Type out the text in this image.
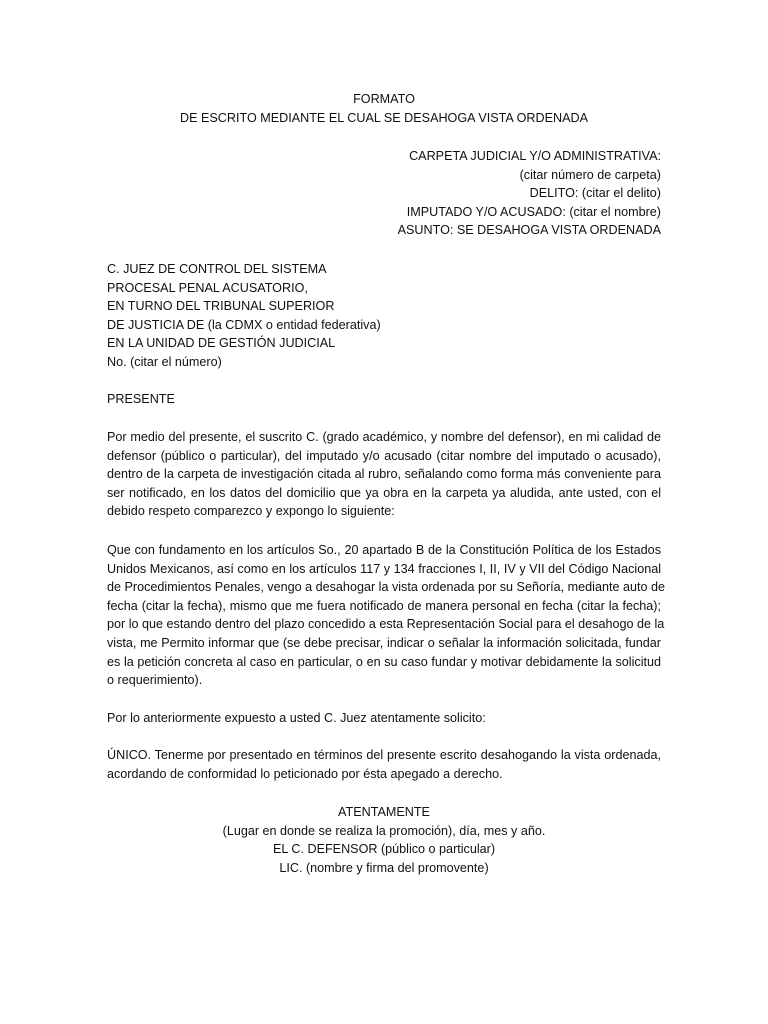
FORMATO
DE ESCRITO MEDIANTE EL CUAL SE DESAHOGA VISTA ORDENADA
CARPETA JUDICIAL Y/O ADMINISTRATIVA:
(citar número de carpeta)
DELITO: (citar el delito)
IMPUTADO Y/O ACUSADO: (citar el nombre)
ASUNTO: SE DESAHOGA VISTA ORDENADA
C. JUEZ DE CONTROL DEL SISTEMA
PROCESAL PENAL ACUSATORIO,
EN TURNO DEL TRIBUNAL SUPERIOR
DE JUSTICIA DE (la CDMX o entidad federativa)
EN LA UNIDAD DE GESTIÓN JUDICIAL
No. (citar el número)
PRESENTE
Por medio del presente, el suscrito C. (grado académico, y nombre del defensor), en mi calidad de
defensor (público o particular), del imputado y/o acusado (citar nombre del imputado o acusado),
dentro de la carpeta de investigación citada al rubro, señalando como forma más conveniente para
ser notificado, en los datos del domicilio que ya obra en la carpeta ya aludida, ante usted, con el
debido respeto comparezco y expongo lo siguiente:
Que con fundamento en los artículos So., 20 apartado B de la Constitución Política de los Estados
Unidos Mexicanos, así como en los artículos 117 y 134 fracciones I, II, IV y VII del Código Nacional
de Procedimientos Penales, vengo a desahogar la vista ordenada por su Señoría, mediante auto de
fecha (citar la fecha), mismo que me fuera notificado de manera personal en fecha (citar la fecha);
por lo que estando dentro del plazo concedido a esta Representación Social para el desahogo de la
vista, me Permito informar que (se debe precisar, indicar o señalar la información solicitada, fundar
es la petición concreta al caso en particular, o en su caso fundar y motivar debidamente la solicitud
o requerimiento).
Por lo anteriormente expuesto a usted C. Juez atentamente solicito:
ÚNICO. Tenerme por presentado en términos del presente escrito desahogando la vista ordenada,
acordando de conformidad lo peticionado por ésta apegado a derecho.
ATENTAMENTE
(Lugar en donde se realiza la promoción), día, mes y año.
EL C. DEFENSOR (público o particular)
LIC. (nombre y firma del promovente)
